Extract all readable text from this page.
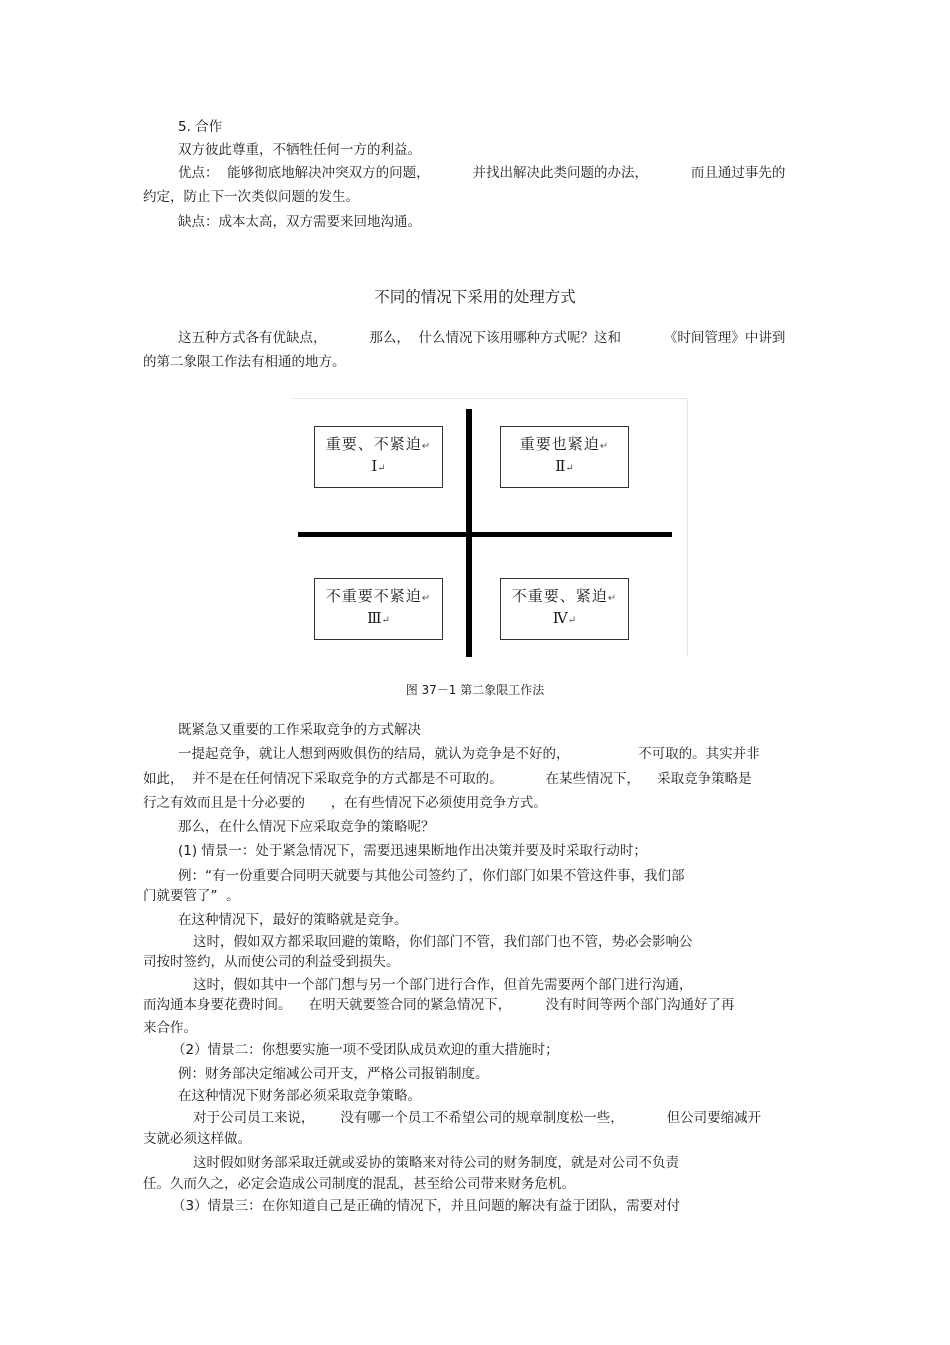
5. 合作
双方彼此尊重，不牺牲任何一方的利益。
优点：  能够彻底地解决冲突双方的问题，          并找出解决此类问题的办法，          而且通过事先的
约定，防止下一次类似问题的发生。
缺点：成本太高，双方需要来回地沟通。
不同的情况下采用的处理方式
这五种方式各有优缺点，          那么，  什么情况下该用哪种方式呢？这和          《时间管理》中讲到
的第二象限工作法有相通的地方。
重要、不紧迫↵
Ⅰ↵
重要也紧迫↵
Ⅱ↵
不重要不紧迫↵
Ⅲ↵
不重要、紧迫↵
Ⅳ↵
图 37－1 第二象限工作法
既紧急又重要的工作采取竞争的方式解决
一提起竞争，就让人想到两败俱伤的结局，就认为竞争是不好的，                不可取的。其实并非
如此，  并不是在任何情况下采取竞争的方式都是不可取的。          在某些情况下，    采取竞争策略是
行之有效而且是十分必要的      ，在有些情况下必须使用竞争方式。
那么，在什么情况下应采取竞争的策略呢？
(1) 情景一：处于紧急情况下，需要迅速果断地作出决策并要及时采取行动时；
例：“有一份重要合同明天就要与其他公司签约了，你们部门如果不管这件事，我们部
门就要管了”  。
在这种情况下，最好的策略就是竞争。
这时，假如双方都采取回避的策略，你们部门不管，我们部门也不管，势必会影响公
司按时签约，从而使公司的利益受到损失。
这时，假如其中一个部门想与另一个部门进行合作，但首先需要两个部门进行沟通，
而沟通本身要花费时间。    在明天就要签合同的紧急情况下，        没有时间等两个部门沟通好了再
来合作。
（2）情景二：你想要实施一项不受团队成员欢迎的重大措施时；
例：财务部决定缩减公司开支，严格公司报销制度。
在这种情况下财务部必须采取竞争策略。
对于公司员工来说，      没有哪一个员工不希望公司的规章制度松一些，          但公司要缩减开
支就必须这样做。
这时假如财务部采取迁就或妥协的策略来对待公司的财务制度，就是对公司不负责
任。久而久之，必定会造成公司制度的混乱，甚至给公司带来财务危机。
（3）情景三：在你知道自己是正确的情况下，并且问题的解决有益于团队，需要对付
